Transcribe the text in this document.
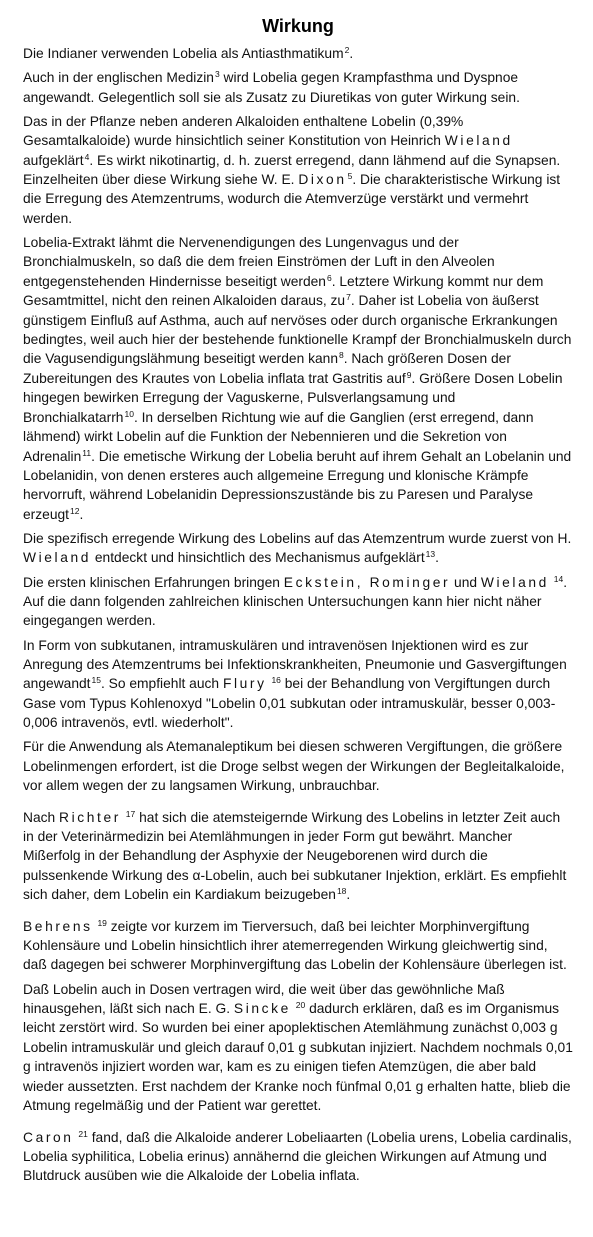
Wirkung

Die Indianer verwenden Lobelia als Antiasthmatikum$^2$.

Auch in der englischen Medizin$^3$ wird Lobelia gegen Krampfasthma und Dyspnoe angewandt. Gelegentlich soll sie als Zusatz zu Diuretikas von guter Wirkung sein.

Das in der Pflanze neben anderen Alkaloiden enthaltene Lobelin (0,39% Gesamtalkaloide) wurde hinsichtlich seiner Konstitution von Heinrich Wieland aufgeklärt$^4$. Es wirkt nikotinartig, d. h. zuerst erregend, dann lähmend auf die Synapsen. Einzelheiten über diese Wirkung siehe W. E. Dixon$^5$. Die charakteristische Wirkung ist die Erregung des Atemzentrums, wodurch die Atemverzüge verstärkt und vermehrt werden.

Lobelia-Extrakt lähmt die Nervenendigungen des Lungenvagus und der Bronchialmuskeln, so daß die dem freien Einströmen der Luft in den Alveolen entgegenstehenden Hindernisse beseitigt werden$^6$. Letztere Wirkung kommt nur dem Gesamtmittel, nicht den reinen Alkaloiden daraus, $zu^7$. Daher ist Lobelia von äußerst günstigem Einfluß auf Asthma, auch auf nervöses oder durch organische Erkrankungen bedingtes, weil auch hier der bestehende funktionelle Krampf der Bronchialmuskeln durch die Vagusendigungslähmung beseitigt werden kann$^8$. Nach größeren Dosen der Zubereitungen des Krautes von Lobelia inflata trat Gastritis auf$^9$. Größere Dosen Lobelin hingegen bewirken Erregung der Vaguskerne, Pulsverlangsamung und Bronchialkatarrh$^{10}$. In derselben Richtung wie auf die Ganglien (erst erregend, dann lähmend) wirkt Lobelin auf die Funktion der Nebennieren und die Sekretion von Adrenalin$^{11}$. Die emetische Wirkung der Lobelia beruht auf ihrem Gehalt an Lobelanin und Lobelanidin, von denen ersteres auch allgemeine Erregung und klonische Krämpfe hervorruft, während Lobelanidin Depressionszustände bis zu Paresen und Paralyse erzeugt$^{12}$.

Die spezifisch erregende Wirkung des Lobelins auf das Atemzentrum wurde zuerst von H. Wieland entdeckt und hinsichtlich des Mechanismus aufgeklärt$^{13}$.

Die ersten klinischen Erfahrungen bringen Eckstein, Rominger und Wieland $^{14}$. Auf die dann folgenden zahlreichen klinischen Untersuchungen kann hier nicht näher eingegangen werden.

In Form von subkutanen, intramuskulären und intravenösen Injektionen wird es zur Anregung des Atemzentrums bei Infektionskrankheiten, Pneumonie und Gasvergiftungen angewandt$^{15}$. So empfiehlt auch Flury $^{16}$ bei der Behandlung von Vergiftungen durch Gase vom Typus Kohlenoxyd "Lobelin 0,01 subkutan oder intramuskulär, besser 0,003-0,006 intravenös, evtl. wiederholt".

Für die Anwendung als Atemanaleptikum bei diesen schweren Vergiftungen, die größere Lobelinmengen erfordert, ist die Droge selbst wegen der Wirkungen der Begleitalkaloide, vor allem wegen der zu langsamen Wirkung, unbrauchbar.

Nach Richter $^{17}$ hat sich die atemsteigernde Wirkung des Lobelins in letzter Zeit auch in der Veterinärmedizin bei Atemlähmungen in jeder Form gut bewährt. Mancher Mißerfolg in der Behandlung der Asphyxie der Neugeborenen wird durch die pulssenkende Wirkung des α-Lobelin, auch bei subkutaner Injektion, erklärt. Es empfiehlt sich daher, dem Lobelin ein Kardiakum beizugeben$^{18}$.

Behrens $^{19}$ zeigte vor kurzem im Tierversuch, daß bei leichter Morphinvergiftung Kohlensäure und Lobelin hinsichtlich ihrer atemerregenden Wirkung gleichwertig sind, daß dagegen bei schwerer Morphinvergiftung das Lobelin der Kohlensäure überlegen ist.

Daß Lobelin auch in Dosen vertragen wird, die weit über das gewöhnliche Maß hinausgehen, läßt sich nach E. G. Sincke $^{20}$ dadurch erklären, daß es im Organismus leicht zerstört wird. So wurden bei einer apoplektischen Atemlähmung zunächst 0,003 g Lobelin intramuskulär und gleich darauf 0,01 g subkutan injiziert. Nachdem nochmals 0,01 g intravenös injiziert worden war, kam es zu einigen tiefen Atemzügen, die aber bald wieder aussetzten. Erst nachdem der Kranke noch fünfmal 0,01 g erhalten hatte, blieb die Atmung regelmäßig und der Patient war gerettet.

Caron $^{21}$ fand, daß die Alkaloide anderer Lobeliaarten (Lobelia urens, Lobelia cardinalis, Lobelia syphilitica, Lobelia erinus) annähernd die gleichen Wirkungen auf Atmung und Blutdruck ausüben wie die Alkaloide der Lobelia inflata.
